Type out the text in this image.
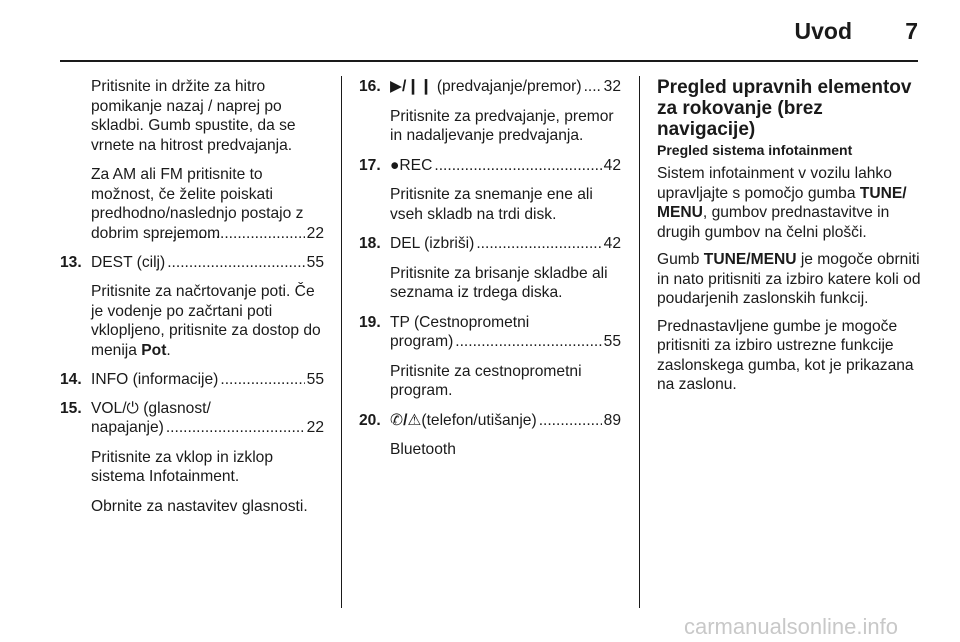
Uvod 7

Pritisnite in držite za hitro pomikanje nazaj / naprej po skladbi. Gumb spustite, da se vrnete na hitrost predvajanja.

Za AM ali FM pritisnite to možnost, če želite poiskati predhodno/naslednjo postajo z dobrim sprejemom .....	22
13. DEST (cilj) .....	55

Pritisnite za načrtovanje poti. Če je vodenje po začrtani poti vklopljeno, pritisnite za dostop do menija Pot.

14. INFO (informacije) .....	55
15. VOL/⏻ (glasnost/
napajanje) .....	22

Pritisnite za vklop in izklop sistema Infotainment.

Obrnite za nastavitev glasnosti.

16. ▶/❙❙ (predvajanje/premor) ..... 32

Pritisnite za predvajanje, premor in nadaljevanje predvajanja.

17. ●REC .....	42

Pritisnite za snemanje ene ali vseh skladb na trdi disk.

18. DEL (izbriši) .....	42

Pritisnite za brisanje skladbe ali seznama iz trdega diska.

19. TP (Cestnoprometni
program) .....	55

Pritisnite za cestnoprometni program.

20. ✆/⚠(telefon/utišanje) .....	89

Bluetooth

Pregled upravnih elementov za rokovanje (brez navigacije)
Pregled sistema infotainment

Sistem infotainment v vozilu lahko upravljajte s pomočjo gumba TUNE/ MENU, gumbov prednastavitve in drugih gumbov na čelni plošči.

Gumb TUNE/MENU je mogoče obrniti in nato pritisniti za izbiro katere koli od poudarjenih zaslonskih funkcij.

Prednastavljene gumbe je mogoče pritisniti za izbiro ustrezne funkcije zaslonskega gumba, kot je prikazana na zaslonu.

carmanualsonline.info
